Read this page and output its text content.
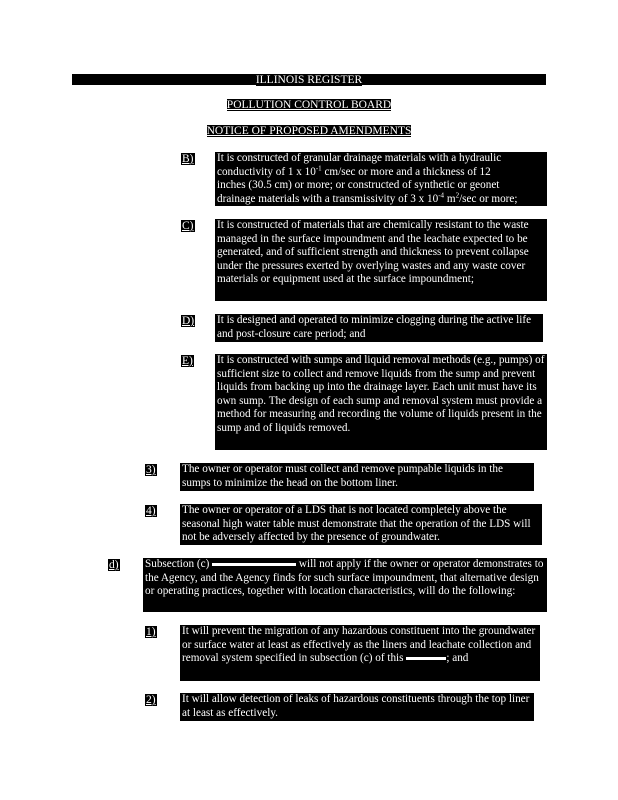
ILLINOIS REGISTER
POLLUTION CONTROL BOARD
NOTICE OF PROPOSED AMENDMENTS
B) It is constructed of granular drainage materials with a hydraulic

conductivity of 1 x $10^{-1}$ cm/sec or more and a thickness of 12

inches (30.5 cm) or more; or constructed of synthetic or geonet

drainage materials with a transmissivity of 3 x $10^{-4}$ $m^2/\sec$ or more;

C) It is constructed of materials that are chemically resistant to the waste managed in the surface impoundment and the leachate expected to be generated, and of sufficient strength and thickness to prevent collapse under the pressures exerted by overlying wastes and any waste cover materials or equipment used at the surface impoundment;

D) It is designed and operated to minimize clogging during the active life and post-closure care period; and

E) It is constructed with sumps and liquid removal methods (e.g., pumps) of sufficient size to collect and remove liquids from the sump and prevent liquids from backing up into the drainage layer. Each unit must have its own sump. The design of each sump and removal system must provide a method for measuring and recording the volume of liquids present in the sump and of liquids removed.

3) The owner or operator must collect and remove pumpable liquids in the sumps to minimize the head on the bottom liner.

4) The owner or operator of a LDS that is not located completely above the seasonal high water table must demonstrate that the operation of the LDS will not be adversely affected by the presence of groundwater.

d) Subsection (c)	will not apply if the owner or operator demonstrates to the Agency, and the Agency finds for such surface impoundment, that alternative design or operating practices, together with location characteristics, will do the following:

1) It will prevent the migration of any hazardous constituent into the groundwater or surface water at least as effectively as the liners and leachate collection and removal system specified in subsection (c) of this	; and

2) It will allow detection of leaks of hazardous constituents through the top liner at least as effectively.
